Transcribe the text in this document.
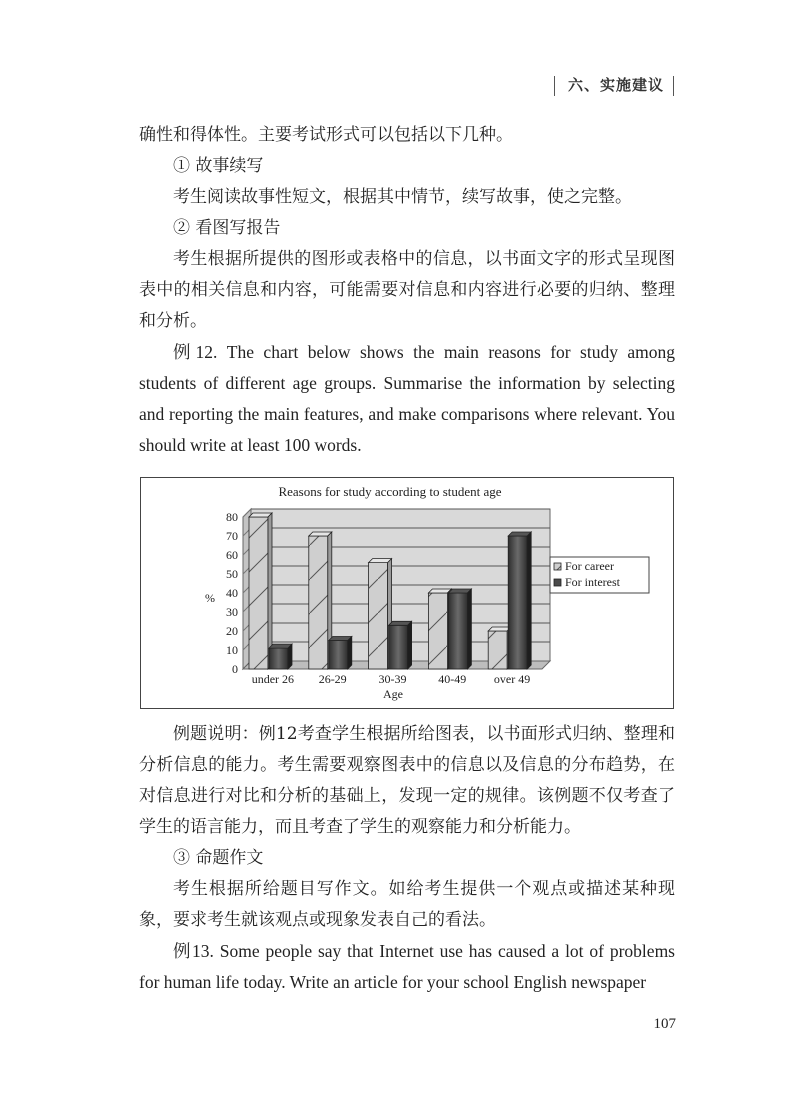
六、实施建议

确性和得体性。主要考试形式可以包括以下几种。

① 故事续写

考生阅读故事性短文，根据其中情节，续写故事，使之完整。

② 看图写报告

考生根据所提供的图形或表格中的信息，以书面文字的形式呈现图表中的相关信息和内容，可能需要对信息和内容进行必要的归纳、整理和分析。

例12. The chart below shows the main reasons for study among students of different age groups. Summarise the information by selecting and reporting the main features, and make comparisons where relevant. You should write at least 100 words.

Reasons for study according to student age
0
10
20
30
40
50
60
70
80
%
under 26 26-29	30-39	40-49 over 49
Age
For career
For interest

例题说明：例12考查学生根据所给图表，以书面形式归纳、整理和分析信息的能力。考生需要观察图表中的信息以及信息的分布趋势，在对信息进行对比和分析的基础上，发现一定的规律。该例题不仅考查了学生的语言能力，而且考查了学生的观察能力和分析能力。

③ 命题作文

考生根据所给题目写作文。如给考生提供一个观点或描述某种现象，要求考生就该观点或现象发表自己的看法。

例13. Some people say that Internet use has caused a lot of problems for human life today. Write an article for your school English newspaper

107
